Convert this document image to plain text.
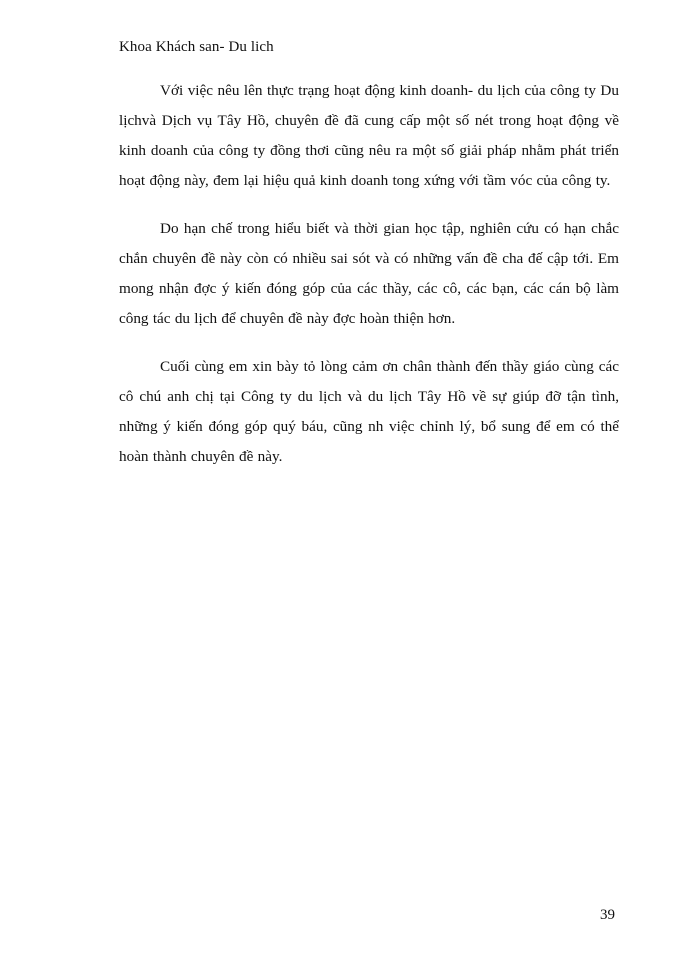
Khoa Khách san- Du lich

Với việc nêu lên thực trạng hoạt động kinh doanh- du lịch của công ty Du lịchvà Dịch vụ Tây Hồ, chuyên đề đã cung cấp một số nét trong hoạt động về kinh doanh của công ty đồng thơi cũng nêu ra một số giải pháp nhằm phát triển hoạt động này, đem lại hiệu quả kinh doanh tong xứng với tầm vóc của công ty.

Do hạn chế trong hiểu biết và thời gian học tập, nghiên cứu có hạn chắc chắn chuyên đề này còn có nhiều sai sót và có những vấn đề cha đế cập tới. Em mong nhận đợc ý kiến đóng góp của các thầy, các cô, các bạn, các cán bộ làm công tác du lịch để chuyên đề này đợc hoàn thiện hơn.

Cuối cùng em xin bày tỏ lòng cảm ơn chân thành đến thầy giáo cùng các cô chú anh chị tại Công ty du lịch và du lịch Tây Hồ về sự giúp đỡ tận tình, những ý kiến đóng góp quý báu, cũng nh việc chỉnh lý, bổ sung để em có thể hoàn thành chuyên đề này.

39
